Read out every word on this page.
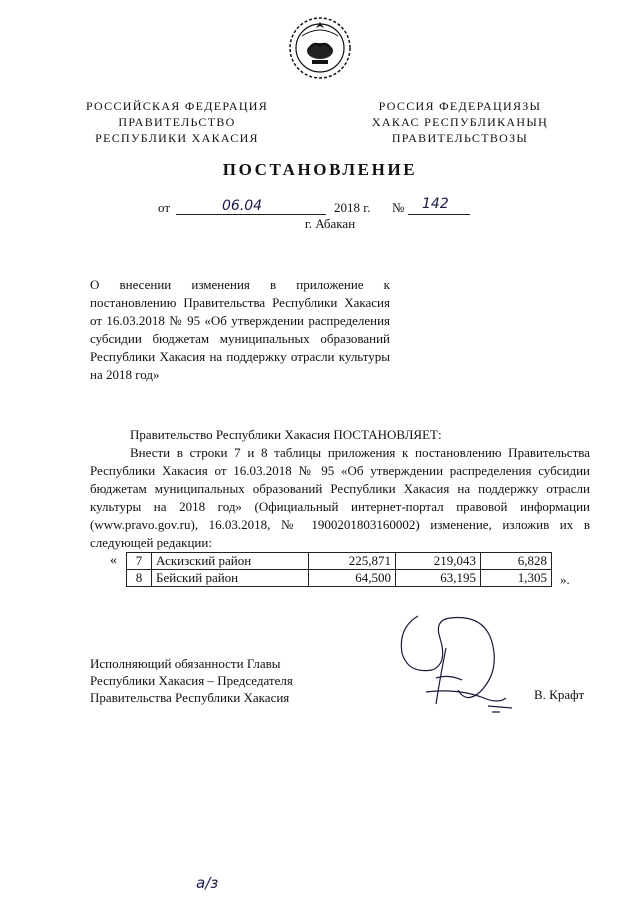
РОССИЙСКАЯ ФЕДЕРАЦИЯ
ПРАВИТЕЛЬСТВО
РЕСПУБЛИКИ ХАКАСИЯ
РОССИЯ ФЕДЕРАЦИЯЗЫ
ХАКАС РЕСПУБЛИКАНЫҢ
ПРАВИТЕЛЬСТВОЗЫ
ПОСТАНОВЛЕНИЕ
от	06.04	2018 г. № 142
г. Абакан
О внесении изменения в приложение к постановлению Правительства Республики Хакасия от 16.03.2018 № 95 «Об утверждении распределения субсидии бюджетам муниципальных образований Республики Хакасия на поддержку отрасли культуры на 2018 год»
Правительство Республики Хакасия ПОСТАНОВЛЯЕТ:
Внести в строки 7 и 8 таблицы приложения к постановлению Правительства Республики Хакасия от 16.03.2018 № 95 «Об утверждении распределения субсидии бюджетам муниципальных образований Республики Хакасия на поддержку отрасли культуры на 2018 год» (Официальный интернет-портал правовой информации (www.pravo.gov.ru), 16.03.2018, № 1900201803160002) изменение, изложив их в следующей редакции:
« 7	Аскизский район	225,871	219,043	6,828
8	Бейский район	64,500	63,195	1,305 ».
Исполняющий обязанности Главы
Республики Хакасия – Председателя
Правительства Республики Хакасия	В. Крафт
а/з
